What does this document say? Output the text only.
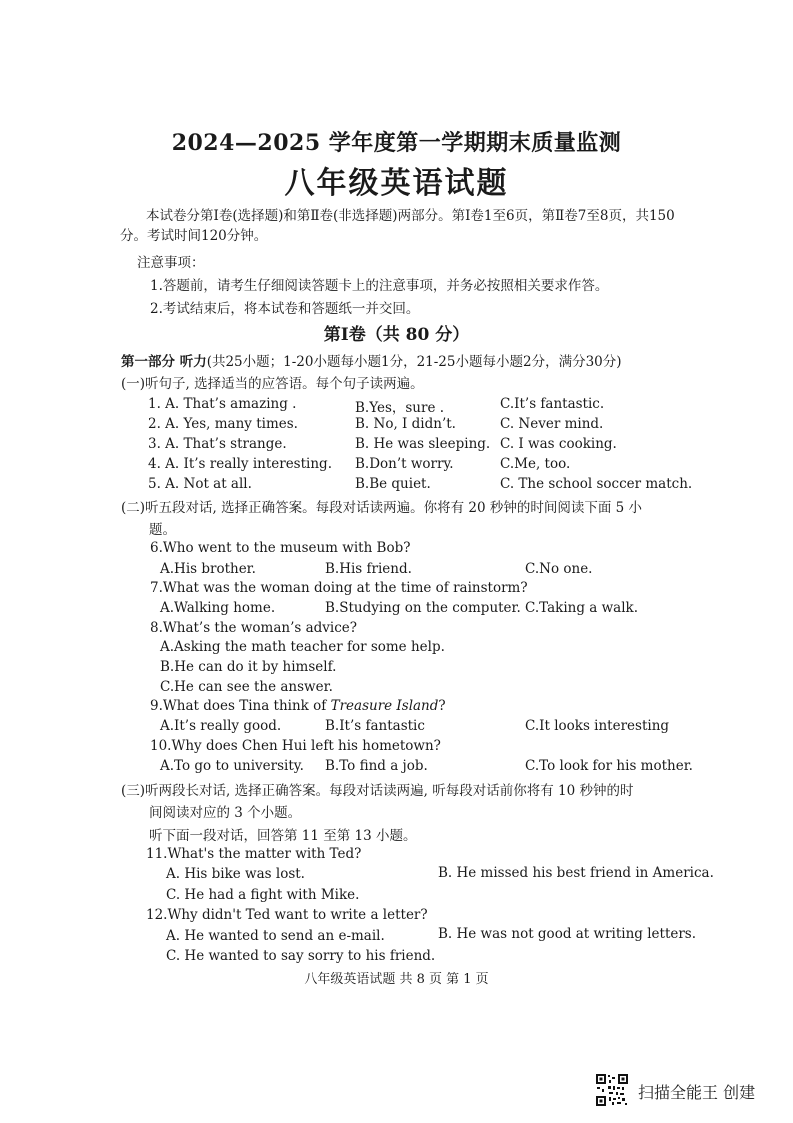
2024—2025 学年度第一学期期末质量监测
八年级英语试题
本试卷分第Ⅰ卷(选择题)和第Ⅱ卷(非选择题)两部分。第Ⅰ卷1至6页，第Ⅱ卷7至8页，共150分。考试时间120分钟。
注意事项：
1.答题前，请考生仔细阅读答题卡上的注意事项，并务必按照相关要求作答。
2.考试结束后，将本试卷和答题纸一并交回。
第Ⅰ卷（共 80 分）
第一部分 听力(共25小题；1-20小题每小题1分，21-25小题每小题2分，满分30分)
(一)听句子, 选择适当的应答语。每个句子读两遍。
1. A. That’s amazing .	B.Yes，sure .	C.It’s fantastic.
2. A. Yes, many times.	B. No, I didn’t.	C. Never mind.
3. A. That’s strange.	B. He was sleeping. C. I was cooking.
4. A. It’s really interesting. B.Don’t worry.	C.Me, too.
5. A. Not at all.	B.Be quiet.	C. The school soccer match.
(二)听五段对话, 选择正确答案。每段对话读两遍。你将有 20 秒钟的时间阅读下面 5 小
题。
6.Who went to the museum with Bob?
A.His brother.	B.His friend.	C.No one.
7.What was the woman doing at the time of rainstorm?
A.Walking home.	B.Studying on the computer. C.Taking a walk.
8.What’s the woman’s advice?
A.Asking the math teacher for some help.
B.He can do it by himself.
C.He can see the answer.
9.What does Tina think of Treasure Island?
A.It’s really good.	B.It’s fantastic	C.It looks interesting
10.Why does Chen Hui left his hometown?
A.To go to university. B.To find a job.	C.To look for his mother.
(三)听两段长对话, 选择正确答案。每段对话读两遍, 听每段对话前你将有 10 秒钟的时
间阅读对应的 3 个小题。
听下面一段对话，回答第 11 至第 13 小题。
11.What's the matter with Ted?
A. His bike was lost.	B. He missed his best friend in America.
C. He had a fight with Mike.
12.Why didn't Ted want to write a letter?
A. He wanted to send an e-mail.	B. He was not good at writing letters.
C. He wanted to say sorry to his friend.
八年级英语试题 共 8 页 第 1 页
扫描全能王 创建
